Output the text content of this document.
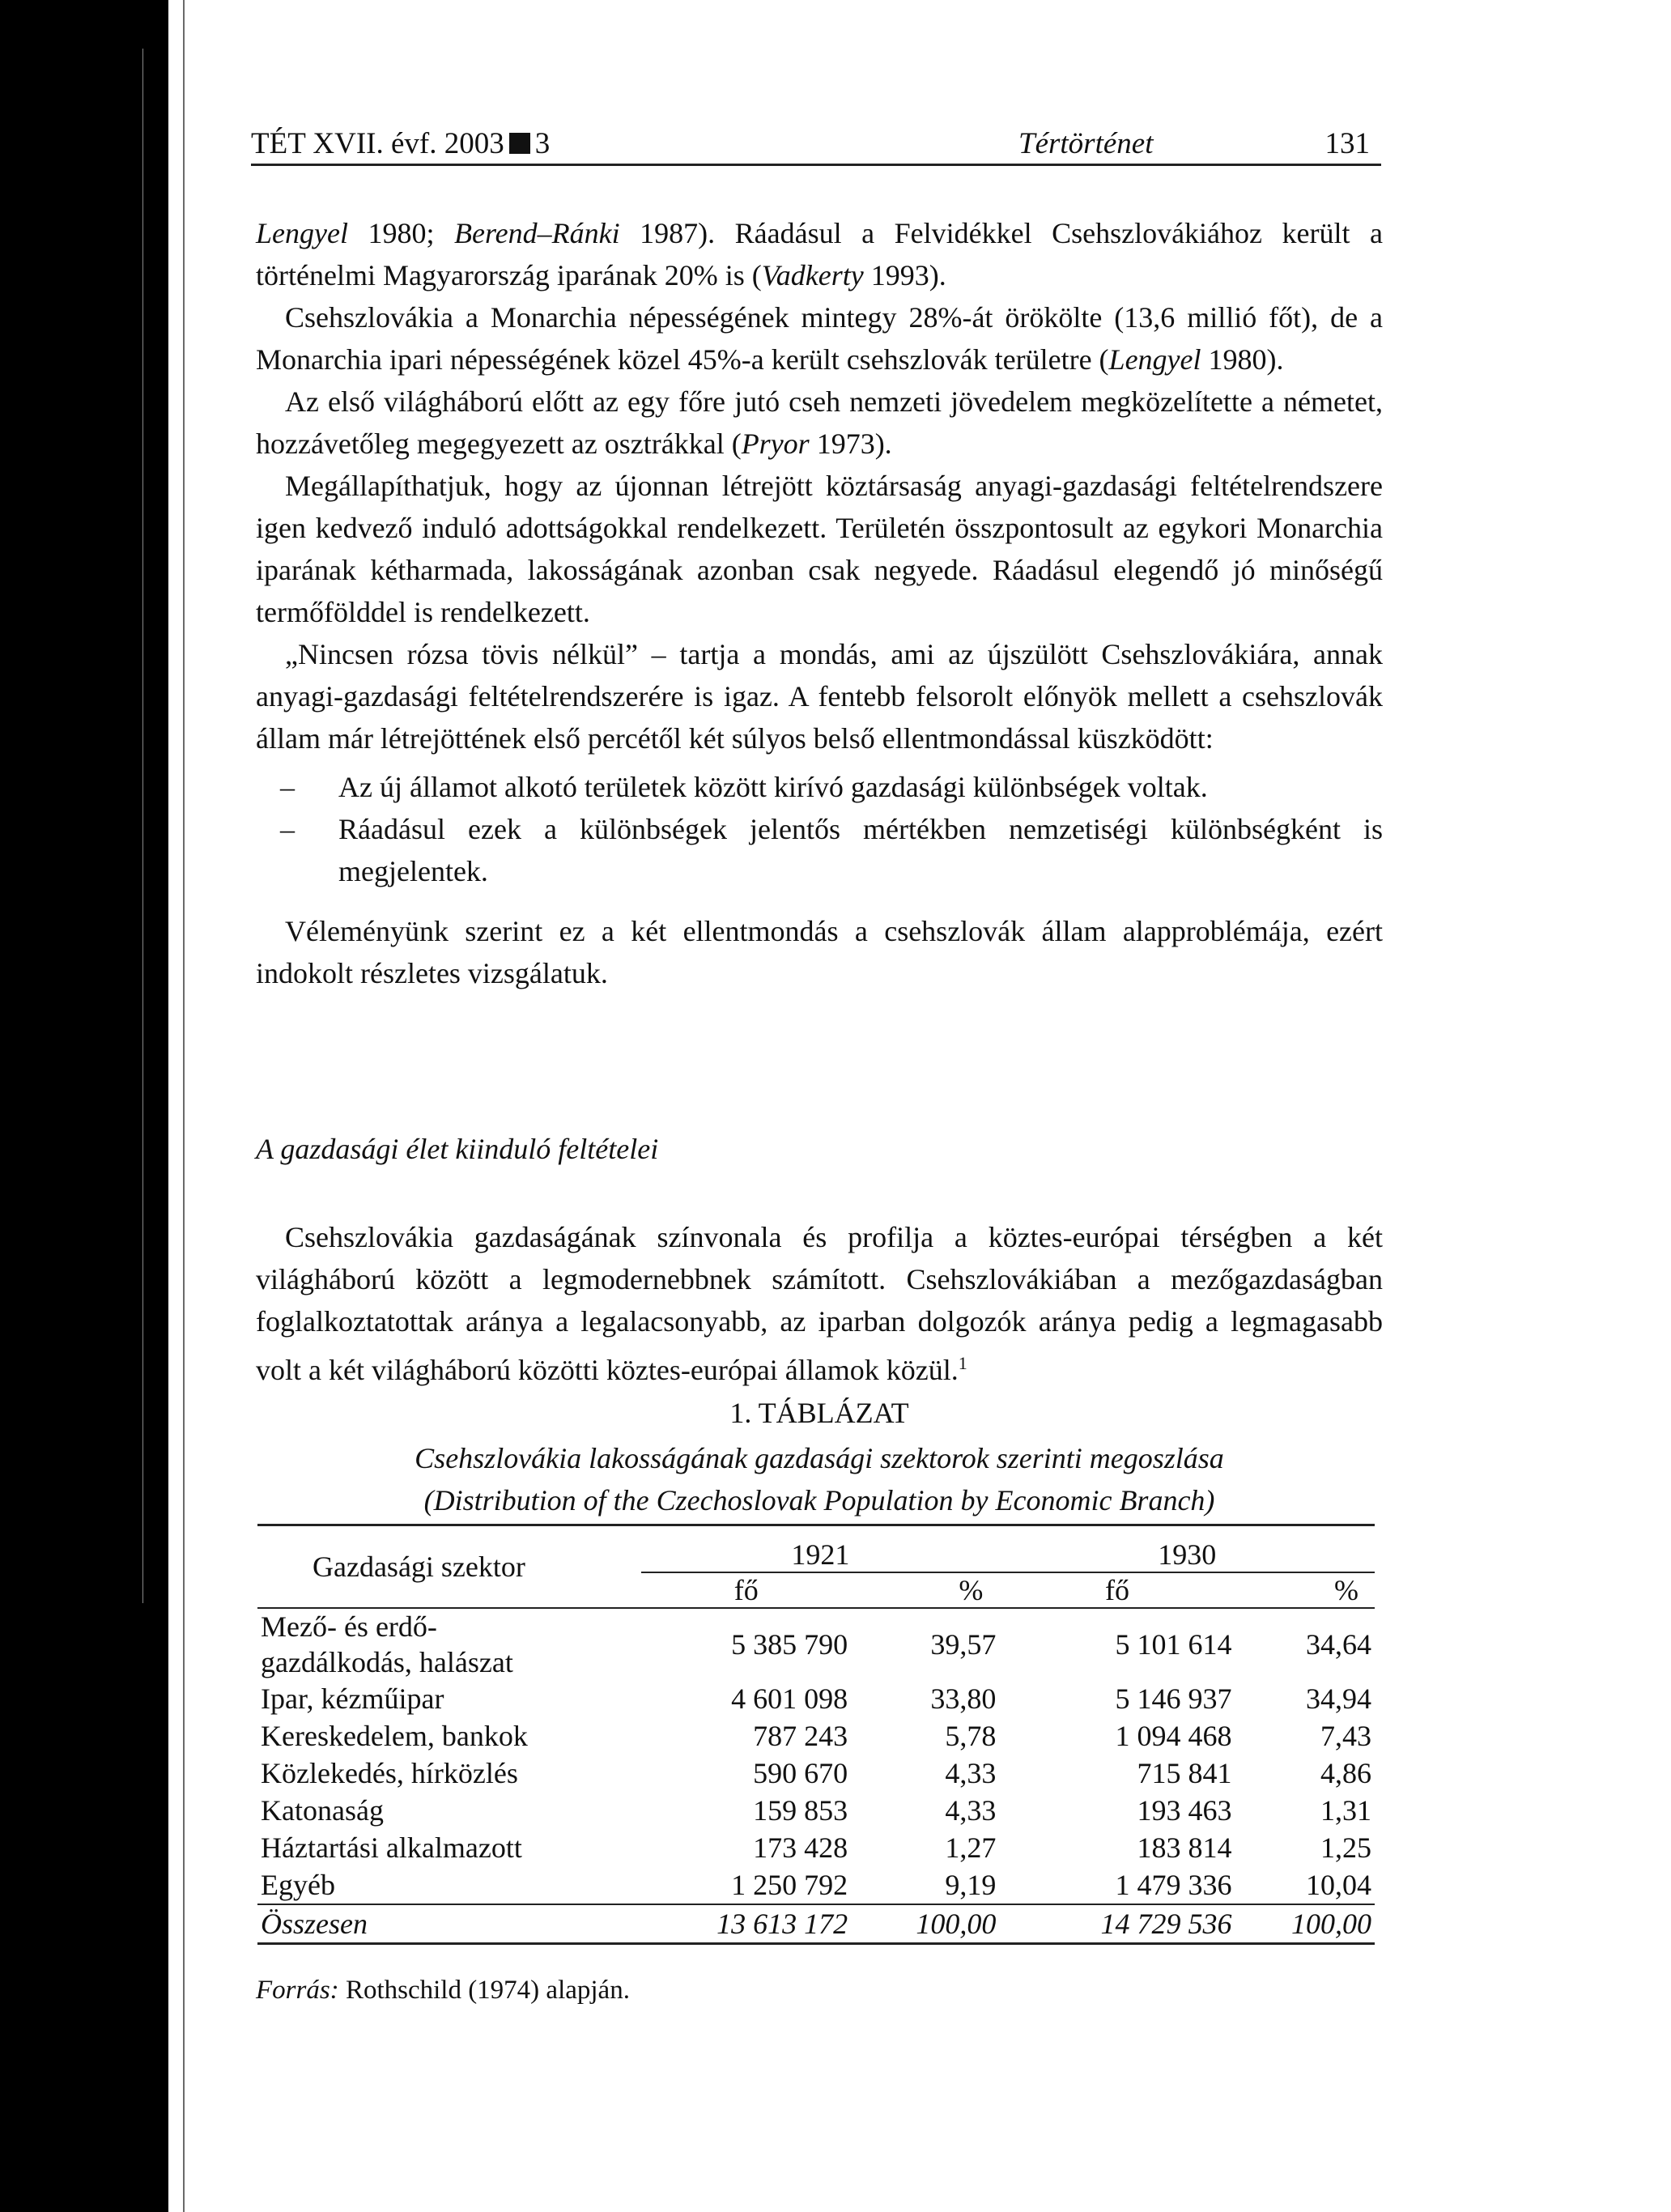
TÉT XVII. évf. 2003 3	Tértörténet	131

Lengyel 1980; Berend–Ránki 1987). Ráadásul a Felvidékkel Csehszlovákiához került a történelmi Magyarország iparának 20% is (Vadkerty 1993).

Csehszlovákia a Monarchia népességének mintegy 28%-át örökölte (13,6 millió főt), de a Monarchia ipari népességének közel 45%-a került csehszlovák területre (Lengyel 1980).

Az első világháború előtt az egy főre jutó cseh nemzeti jövedelem megközelítette a németet, hozzávetőleg megegyezett az osztrákkal (Pryor 1973).

Megállapíthatjuk, hogy az újonnan létrejött köztársaság anyagi-gazdasági feltételrendszere igen kedvező induló adottságokkal rendelkezett. Területén összpontosult az egykori Monarchia iparának kétharmada, lakosságának azonban csak negyede. Ráadásul elegendő jó minőségű termőfölddel is rendelkezett.

„Nincsen rózsa tövis nélkül” – tartja a mondás, ami az újszülött Csehszlovákiára, annak anyagi-gazdasági feltételrendszerére is igaz. A fentebb felsorolt előnyök mellett a csehszlovák állam már létrejöttének első percétől két súlyos belső ellentmondással küszködött:

– Az új államot alkotó területek között kirívó gazdasági különbségek voltak.
– Ráadásul ezek a különbségek jelentős mértékben nemzetiségi különbségként is megjelentek.

Véleményünk szerint ez a két ellentmondás a csehszlovák állam alapproblémája, ezért indokolt részletes vizsgálatuk.

A gazdasági élet kiinduló feltételei

Csehszlovákia gazdaságának színvonala és profilja a köztes-európai térségben a két világháború között a legmodernebbnek számított. Csehszlovákiában a mezőgazdaságban foglalkoztatottak aránya a legalacsonyabb, az iparban dolgozók aránya pedig a legmagasabb volt a két világháború közötti köztes-európai államok közül.$^1$

1. TÁBLÁZAT
Csehszlovákia lakosságának gazdasági szektorok szerinti megoszlása
(Distribution of the Czechoslovak Population by Economic Branch)
Gazdasági szektor	1921		1930	
	fő	%	fő	%

Mező- és erdő-
gazdálkodás, halászat	5 385 790	39,57	5 101 614	34,64
Ipar, kézműipar	4 601 098	33,80	5 146 937	34,94
Kereskedelem, bankok	787 243	5,78	1 094 468	7,43
Közlekedés, hírközlés	590 670	4,33	715 841	4,86
Katonaság	159 853	4,33	193 463	1,31
Háztartási alkalmazott	173 428	1,27	183 814	1,25
Egyéb	1 250 792	9,19	1 479 336	10,04
Összesen	13 613 172	100,00	14 729 536	100,00
Forrás: Rothschild (1974) alapján.
